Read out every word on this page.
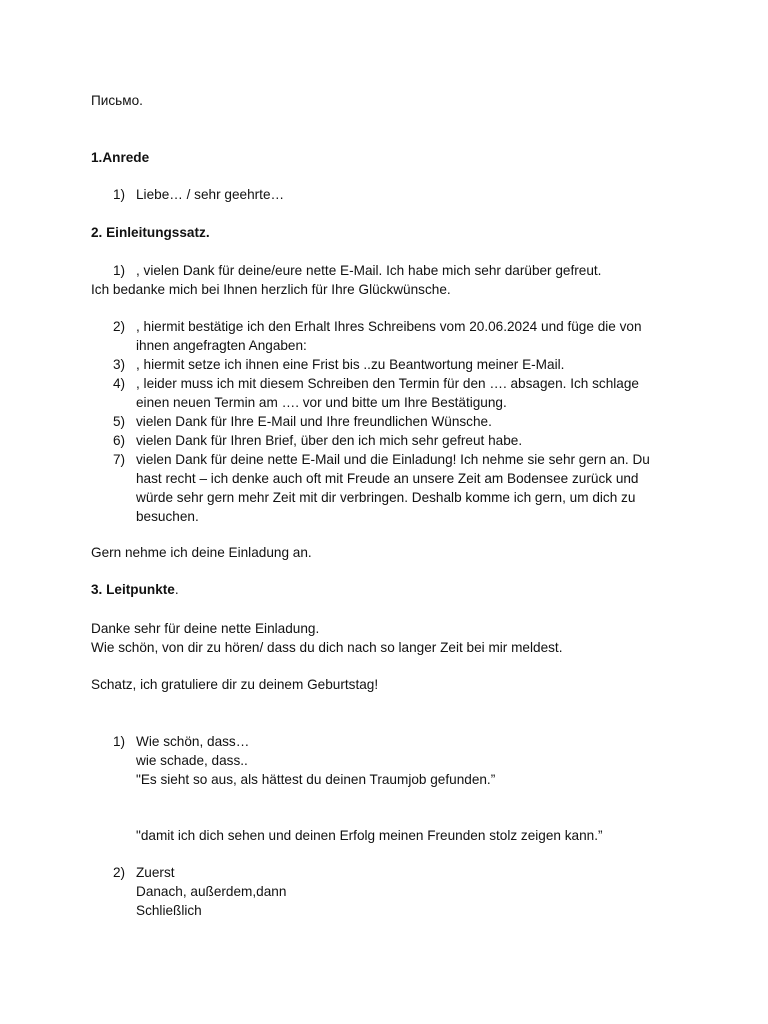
Письмо.
1.Anrede
1) Liebe… / sehr geehrte…
2. Einleitungssatz.
1) , vielen Dank für deine/eure nette E-Mail. Ich habe mich sehr darüber gefreut.
Ich bedanke mich bei Ihnen herzlich für Ihre Glückwünsche.
2) , hiermit bestätige ich den Erhalt Ihres Schreibens vom 20.06.2024 und füge die von
ihnen angefragten Angaben:
3) , hiermit setze ich ihnen eine Frist bis ..zu Beantwortung meiner E-Mail.
4) , leider muss ich mit diesem Schreiben den Termin für den …. absagen. Ich schlage
einen neuen Termin am …. vor und bitte um Ihre Bestätigung.
5) vielen Dank für Ihre E-Mail und Ihre freundlichen Wünsche.
6) vielen Dank für Ihren Brief, über den ich mich sehr gefreut habe.
7) vielen Dank für deine nette E-Mail und die Einladung! Ich nehme sie sehr gern an. Du
hast recht – ich denke auch oft mit Freude an unsere Zeit am Bodensee zurück und
würde sehr gern mehr Zeit mit dir verbringen. Deshalb komme ich gern, um dich zu
besuchen.
Gern nehme ich deine Einladung an.
3. Leitpunkte.
Danke sehr für deine nette Einladung.
Wie schön, von dir zu hören/ dass du dich nach so langer Zeit bei mir meldest.
Schatz, ich gratuliere dir zu deinem Geburtstag!
1) Wie schön, dass…
wie schade, dass..
"Es sieht so aus, als hättest du deinen Traumjob gefunden.”
"damit ich dich sehen und deinen Erfolg meinen Freunden stolz zeigen kann.”
2) Zuerst
Danach, außerdem,dann
Schließlich
